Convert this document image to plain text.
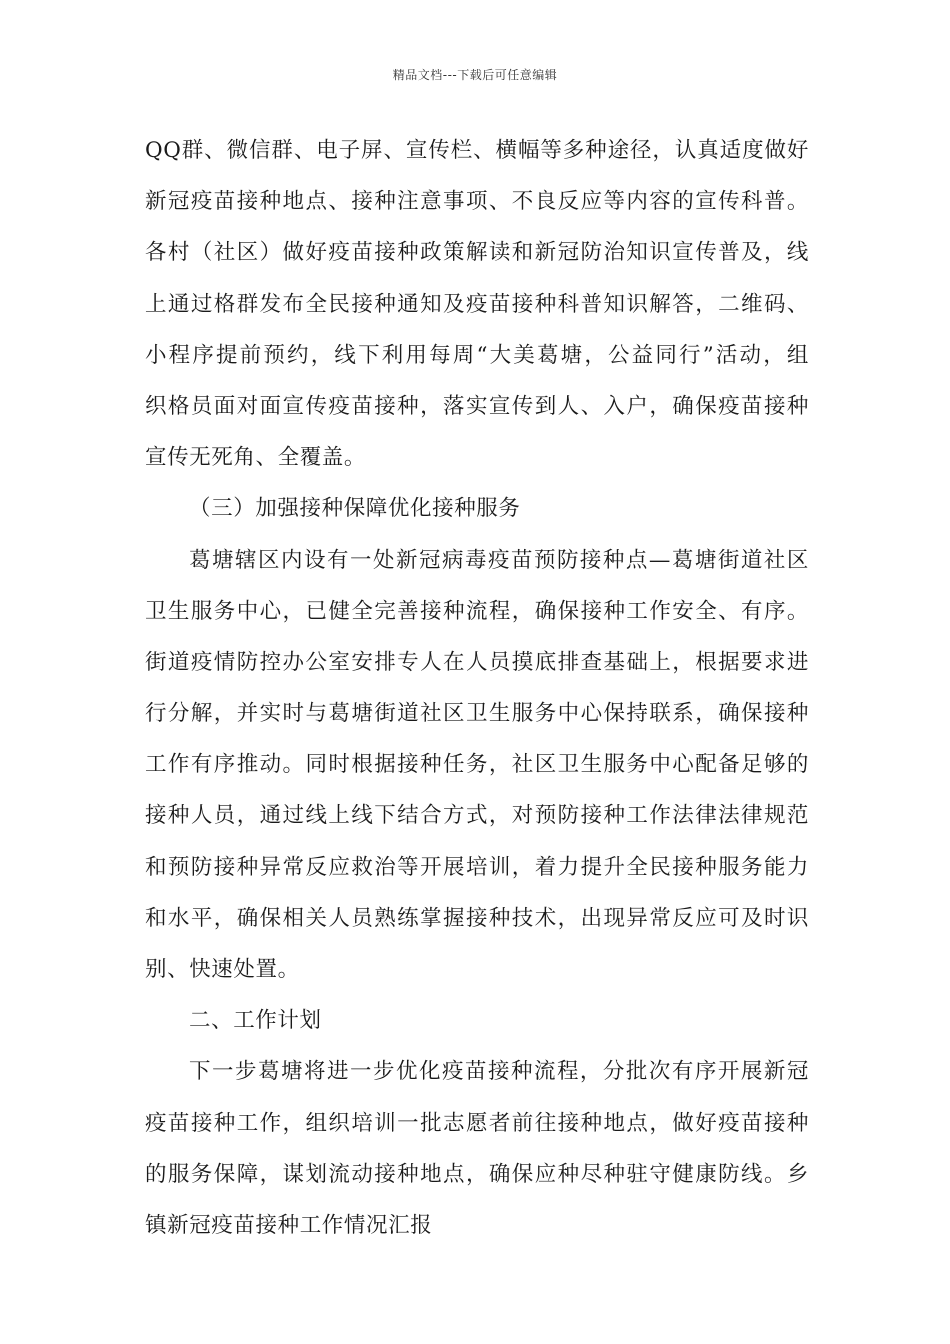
精品文档---下载后可任意编辑
QQ群、微信群、电子屏、宣传栏、横幅等多种途径，认真适度做好
新冠疫苗接种地点、接种注意事项、不良反应等内容的宣传科普。
各村（社区）做好疫苗接种政策解读和新冠防治知识宣传普及，线
上通过格群发布全民接种通知及疫苗接种科普知识解答，二维码、
小程序提前预约，线下利用每周“大美葛塘，公益同行”活动，组
织格员面对面宣传疫苗接种，落实宣传到人、入户，确保疫苗接种
宣传无死角、全覆盖。
（三）加强接种保障优化接种服务
葛塘辖区内设有一处新冠病毒疫苗预防接种点—葛塘街道社区
卫生服务中心，已健全完善接种流程，确保接种工作安全、有序。
街道疫情防控办公室安排专人在人员摸底排查基础上，根据要求进
行分解，并实时与葛塘街道社区卫生服务中心保持联系，确保接种
工作有序推动。同时根据接种任务，社区卫生服务中心配备足够的
接种人员，通过线上线下结合方式，对预防接种工作法律法律规范
和预防接种异常反应救治等开展培训，着力提升全民接种服务能力
和水平，确保相关人员熟练掌握接种技术，出现异常反应可及时识
别、快速处置。
二、工作计划
下一步葛塘将进一步优化疫苗接种流程，分批次有序开展新冠
疫苗接种工作，组织培训一批志愿者前往接种地点，做好疫苗接种
的服务保障，谋划流动接种地点，确保应种尽种驻守健康防线。乡
镇新冠疫苗接种工作情况汇报
